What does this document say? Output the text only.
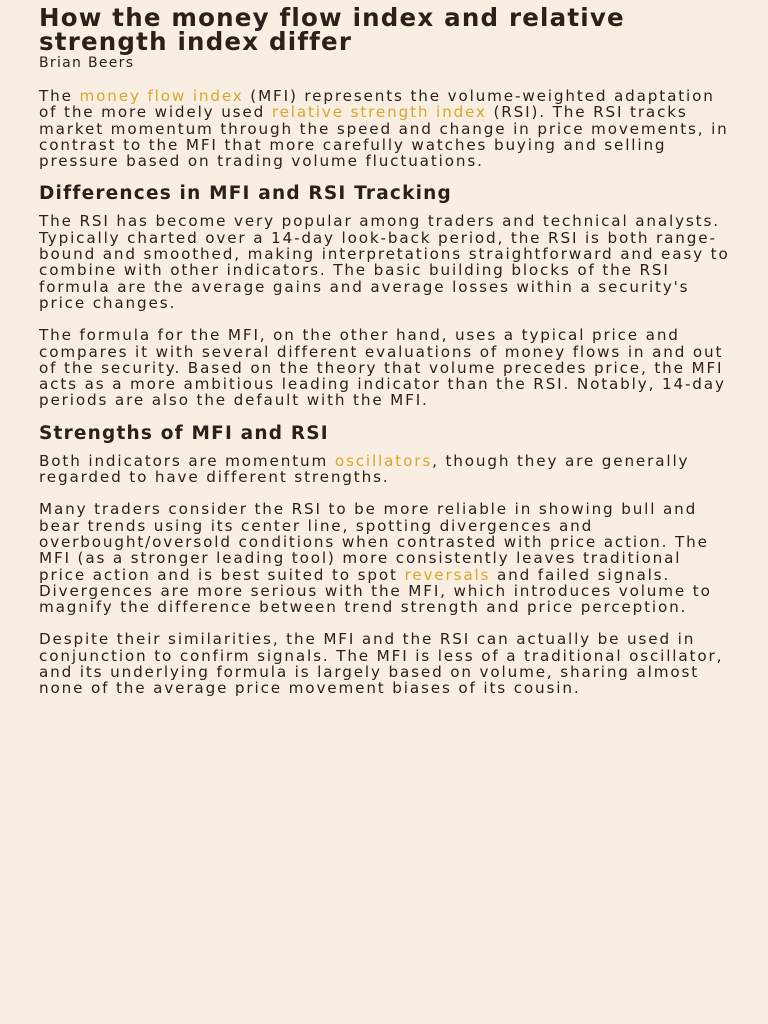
How the money flow index and relative strength index differ
Brian Beers

The money flow index (MFI) represents the volume-weighted adaptation of the more widely used relative strength index (RSI). The RSI tracks market momentum through the speed and change in price movements, in contrast to the MFI that more carefully watches buying and selling pressure based on trading volume fluctuations.

Differences in MFI and RSI Tracking

The RSI has become very popular among traders and technical analysts. Typically charted over a 14-day look-back period, the RSI is both range-bound and smoothed, making interpretations straightforward and easy to combine with other indicators. The basic building blocks of the RSI formula are the average gains and average losses within a security's price changes.

The formula for the MFI, on the other hand, uses a typical price and compares it with several different evaluations of money flows in and out of the security. Based on the theory that volume precedes price, the MFI acts as a more ambitious leading indicator than the RSI. Notably, 14-day periods are also the default with the MFI.

Strengths of MFI and RSI

Both indicators are momentum oscillators, though they are generally regarded to have different strengths.

Many traders consider the RSI to be more reliable in showing bull and bear trends using its center line, spotting divergences and overbought/oversold conditions when contrasted with price action. The MFI (as a stronger leading tool) more consistently leaves traditional price action and is best suited to spot reversals and failed signals. Divergences are more serious with the MFI, which introduces volume to magnify the difference between trend strength and price perception.

Despite their similarities, the MFI and the RSI can actually be used in conjunction to confirm signals. The MFI is less of a traditional oscillator, and its underlying formula is largely based on volume, sharing almost none of the average price movement biases of its cousin.
